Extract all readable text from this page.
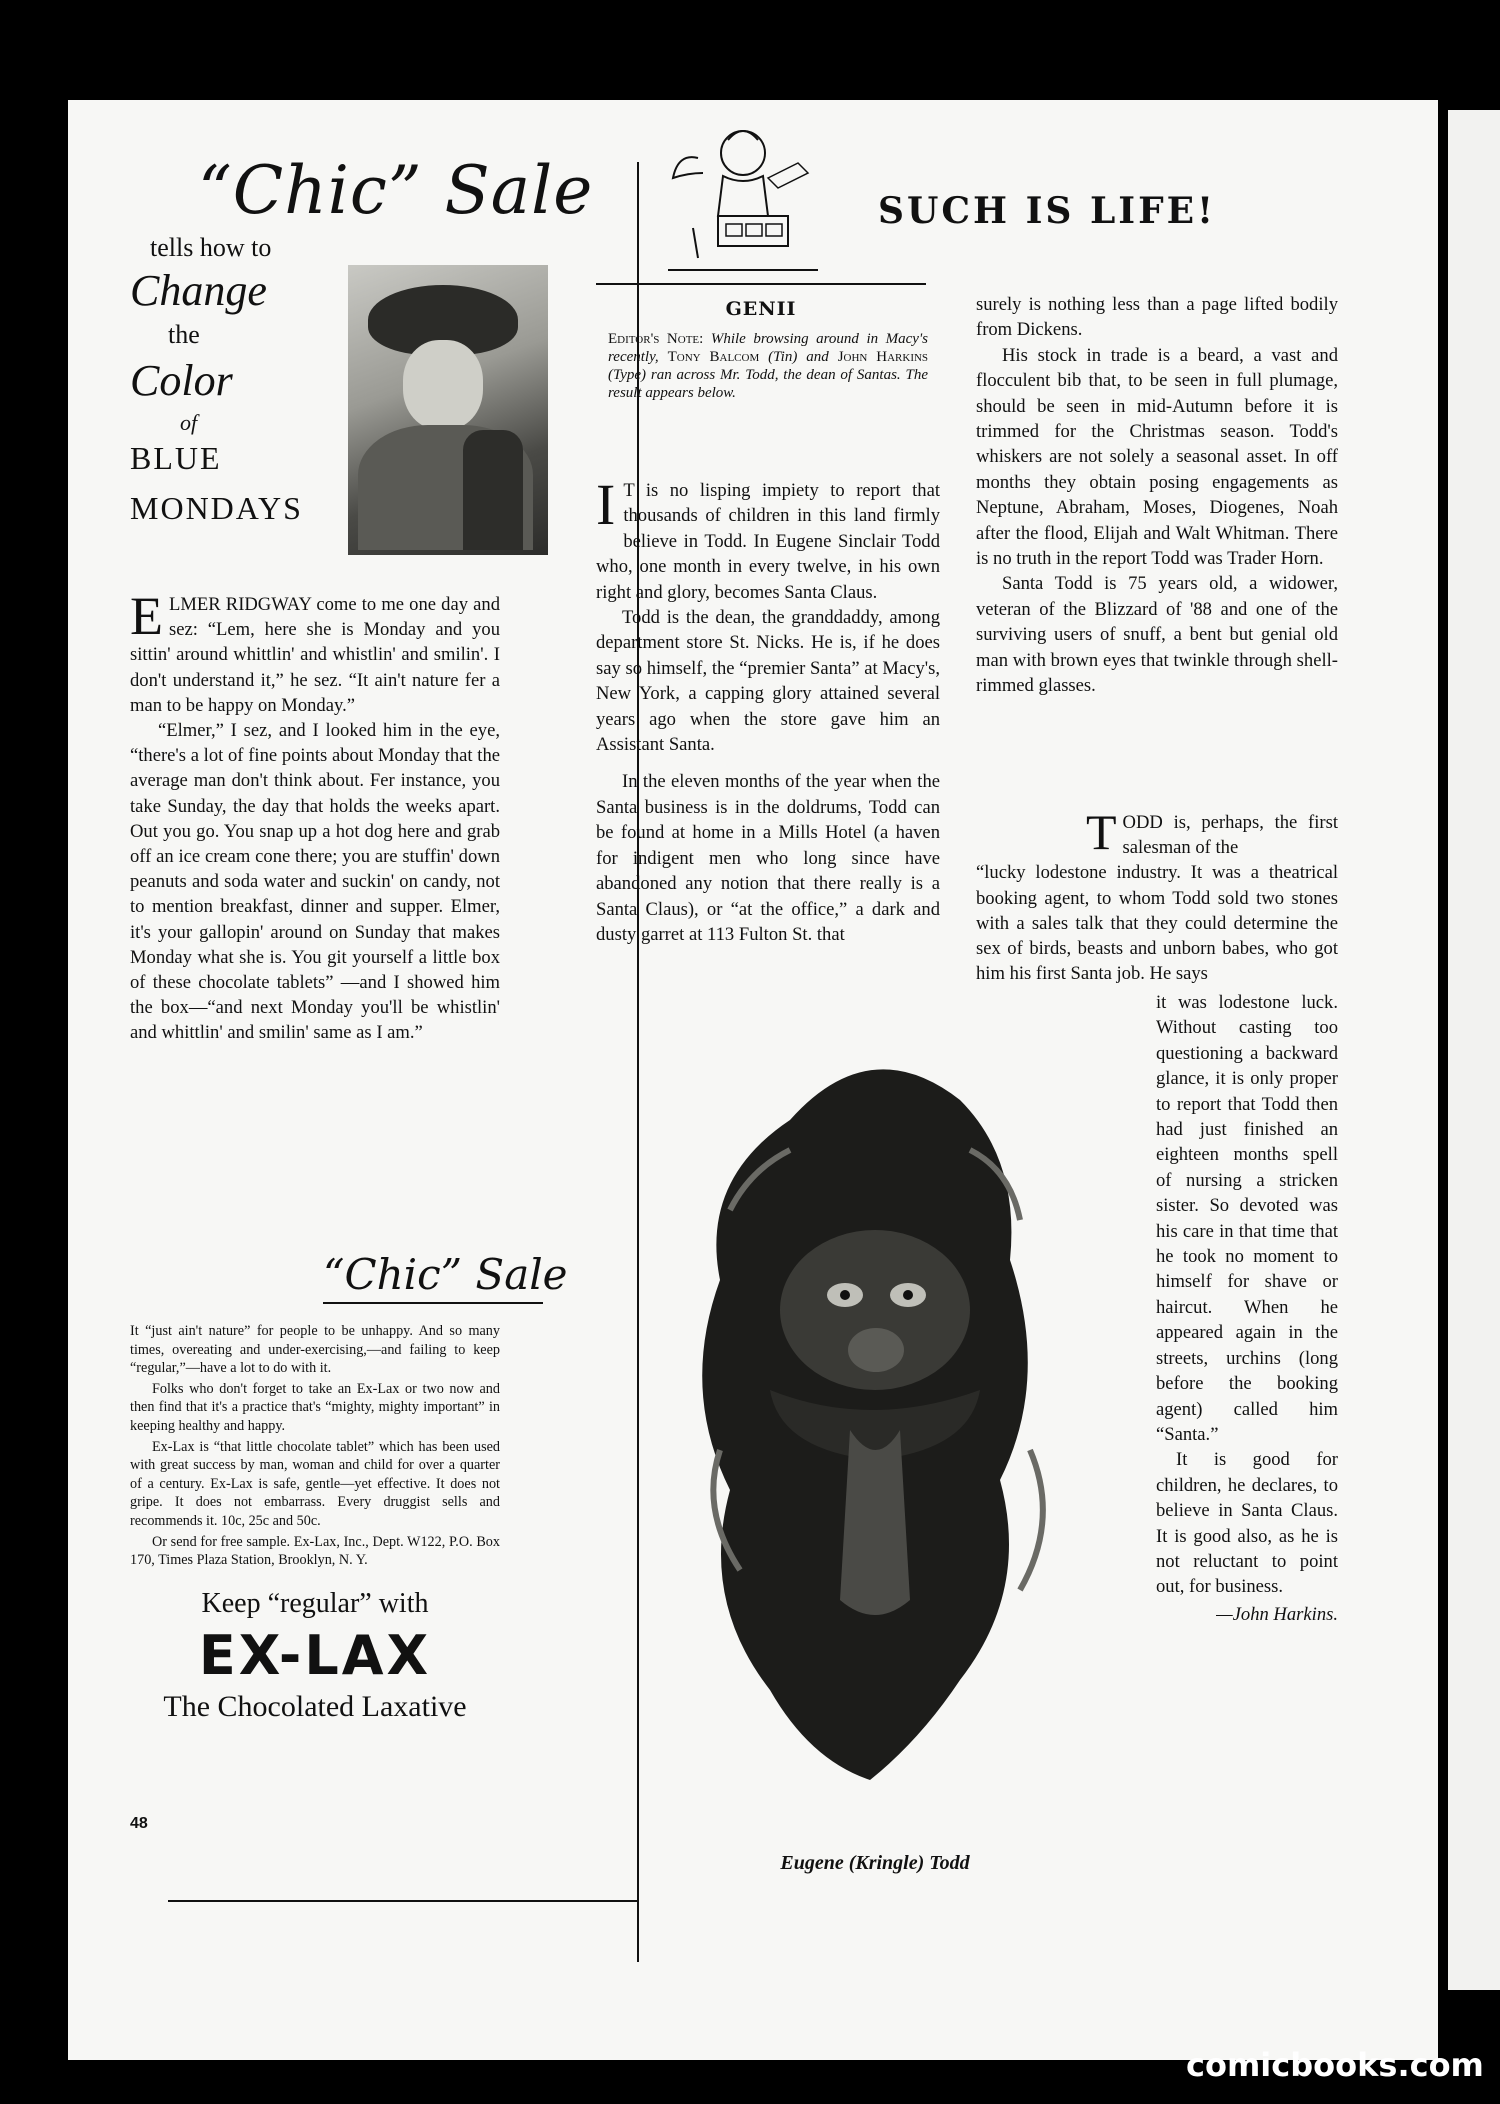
“Chic” Sale
tells how to
Change
the
Color
of
BLUE
MONDAYS

ELMER RIDGWAY come to me one day and sez: “Lem, here she is Monday and you sittin' around whittlin' and whistlin' and smilin'. I don't understand it,” he sez. “It ain't nature fer a man to be happy on Monday.”

“Elmer,” I sez, and I looked him in the eye, “there's a lot of fine points about Monday that the average man don't think about. Fer instance, you take Sunday, the day that holds the weeks apart. Out you go. You snap up a hot dog here and grab off an ice cream cone there; you are stuffin' down peanuts and soda water and suckin' on candy, not to mention breakfast, dinner and supper. Elmer, it's your gallopin' around on Sunday that makes Monday what she is. You git yourself a little box of these chocolate tablets” —and I showed him the box—“and next Monday you'll be whistlin' and whittlin' and smilin' same as I am.”

“Chic” Sale

It “just ain't nature” for people to be unhappy. And so many times, overeating and under-exercising,—and failing to keep “regular,”—have a lot to do with it.

Folks who don't forget to take an Ex-Lax or two now and then find that it's a practice that's “mighty, mighty important” in keeping healthy and happy.

Ex-Lax is “that little chocolate tablet” which has been used with great success by man, woman and child for over a quarter of a century. Ex-Lax is safe, gentle—yet effective. It does not gripe. It does not embarrass. Every druggist sells and recommends it. 10c, 25c and 50c.

Or send for free sample. Ex-Lax, Inc., Dept. W122, P.O. Box 170, Times Plaza Station, Brooklyn, N. Y.

Keep “regular” with
EX-LAX
The Chocolated Laxative
48
SUCH IS LIFE!
GENII
Editor's Note: While browsing around in Macy's recently, Tony Balcom (Tin) and John Harkins (Type) ran across Mr. Todd, the dean of Santas. The result appears below.

I T is no lisping impiety to report that thousands of children in this land firmly believe in Todd. In Eugene Sinclair Todd who, one month in every twelve, in his own right and glory, becomes Santa Claus.

Todd is the dean, the granddaddy, among department store St. Nicks. He is, if he does say so himself, the “premier Santa” at Macy's, New York, a capping glory attained several years ago when the store gave him an Assistant Santa.

In the eleven months of the year when the Santa business is in the doldrums, Todd can be found at home in a Mills Hotel (a haven for indigent men who long since have abandoned any notion that there really is a Santa Claus), or “at the office,” a dark and dusty garret at 113 Fulton St. that

surely is nothing less than a page lifted bodily from Dickens.

His stock in trade is a beard, a vast and flocculent bib that, to be seen in full plumage, should be seen in mid-Autumn before it is trimmed for the Christmas season. Todd's whiskers are not solely a seasonal asset. In off months they obtain posing engagements as Neptune, Abraham, Moses, Diogenes, Noah after the flood, Elijah and Walt Whitman. There is no truth in the report Todd was Trader Horn.

Santa Todd is 75 years old, a widower, veteran of the Blizzard of '88 and one of the surviving users of snuff, a bent but genial old man with brown eyes that twinkle through shell-rimmed glasses.

TODD is, perhaps, the first salesman of the
“lucky lodestone industry. It was a theatrical booking agent, to whom Todd sold two stones with a sales talk that they could determine the sex of birds, beasts and unborn babes, who got him his first Santa job. He says

it was lodestone luck. Without casting too questioning a backward glance, it is only proper to report that Todd then had just finished an eighteen months spell of nursing a stricken sister. So devoted was his care in that time that he took no moment to himself for shave or haircut. When he appeared again in the streets, urchins (long before the booking agent) called him “Santa.”

It is good for children, he declares, to believe in Santa Claus. It is good also, as he is not reluctant to point out, for business.

—John Harkins.
Eugene (Kringle) Todd
comicbooks.com
